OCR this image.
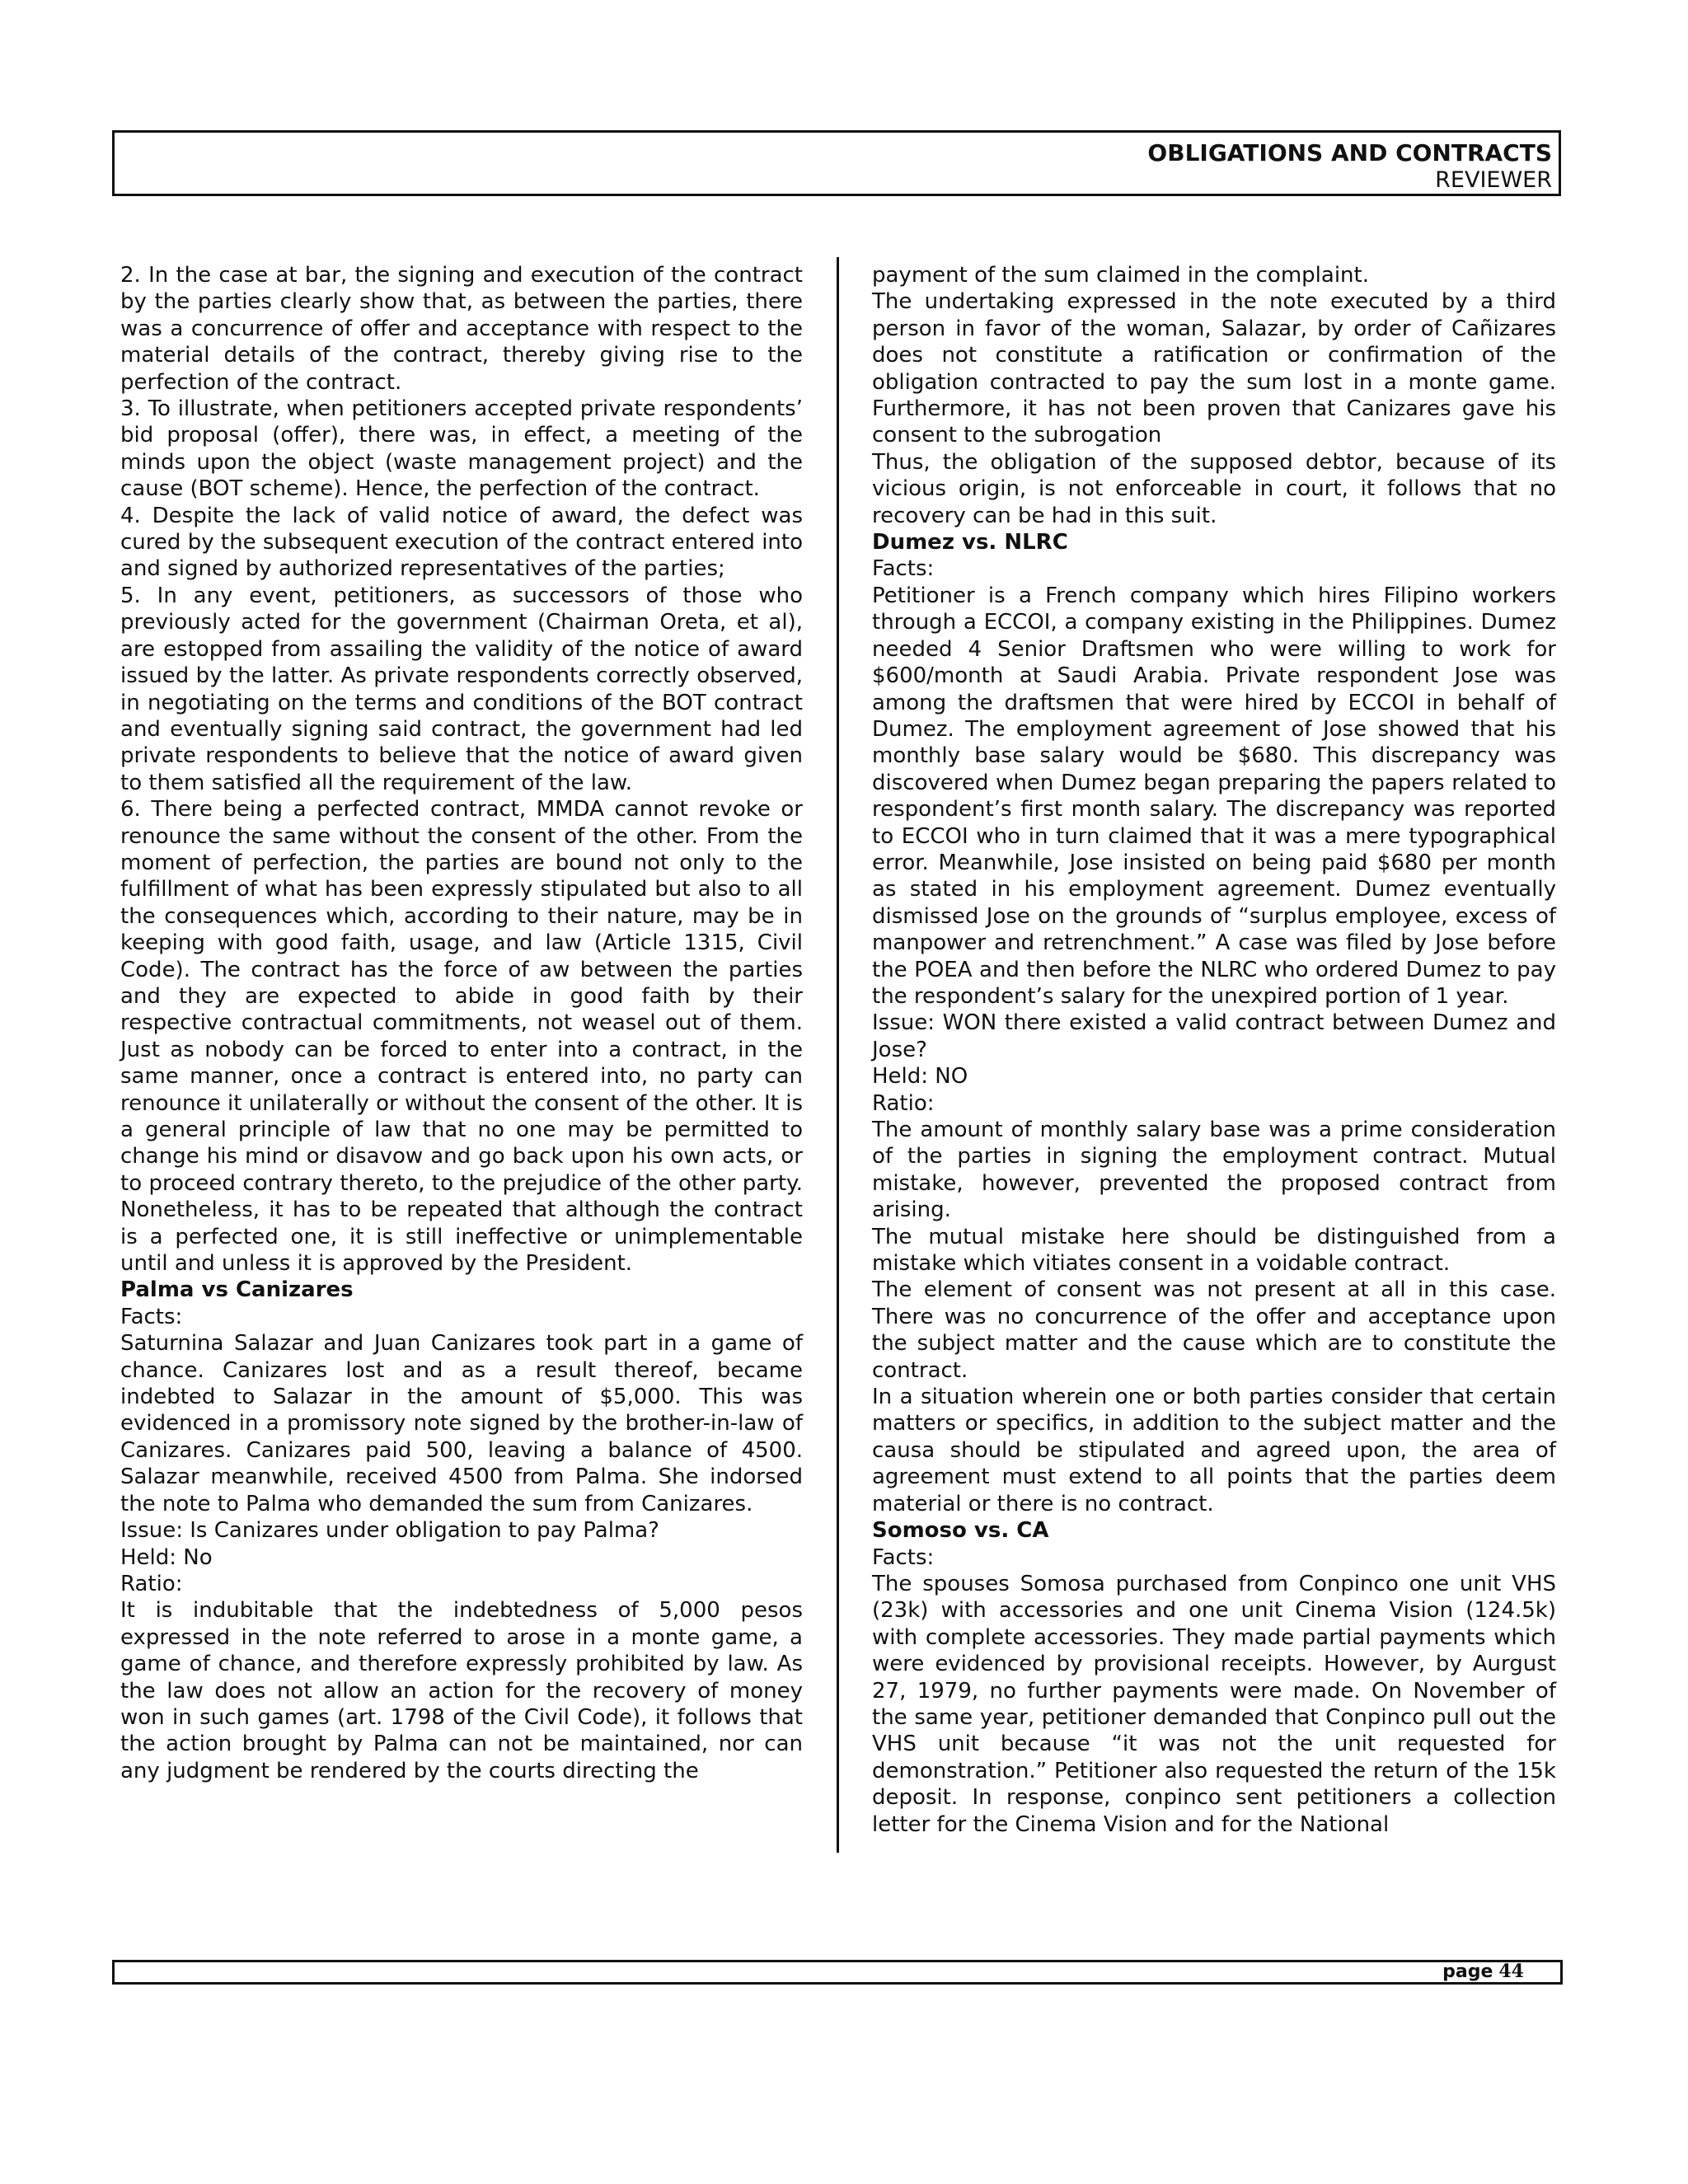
OBLIGATIONS AND CONTRACTS
REVIEWER

2. In the case at bar, the signing and execution of the contract by the parties clearly show that, as between the parties, there was a concurrence of offer and acceptance with respect to the material details of the contract, thereby giving rise to the perfection of the contract.

3. To illustrate, when petitioners accepted private respondents’ bid proposal (offer), there was, in effect, a meeting of the minds upon the object (waste management project) and the cause (BOT scheme). Hence, the perfection of the contract.

4. Despite the lack of valid notice of award, the defect was cured by the subsequent execution of the contract entered into and signed by authorized representatives of the parties;

5. In any event, petitioners, as successors of those who previously acted for the government (Chairman Oreta, et al), are estopped from assailing the validity of the notice of award issued by the latter. As private respondents correctly observed, in negotiating on the terms and conditions of the BOT contract and eventually signing said contract, the government had led private respondents to believe that the notice of award given to them satisfied all the requirement of the law.

6. There being a perfected contract, MMDA cannot revoke or renounce the same without the consent of the other. From the moment of perfection, the parties are bound not only to the fulfillment of what has been expressly stipulated but also to all the consequences which, according to their nature, may be in keeping with good faith, usage, and law (Article 1315, Civil Code). The contract has the force of aw between the parties and they are expected to abide in good faith by their respective contractual commitments, not weasel out of them. Just as nobody can be forced to enter into a contract, in the same manner, once a contract is entered into, no party can renounce it unilaterally or without the consent of the other. It is a general principle of law that no one may be permitted to change his mind or disavow and go back upon his own acts, or to proceed contrary thereto, to the prejudice of the other party. Nonetheless, it has to be repeated that although the contract is a perfected one, it is still ineffective or unimplementable until and unless it is approved by the President.

Palma vs Canizares

Facts:

Saturnina Salazar and Juan Canizares took part in a game of chance. Canizares lost and as a result thereof, became indebted to Salazar in the amount of $5,000. This was evidenced in a promissory note signed by the brother-in-law of Canizares. Canizares paid 500, leaving a balance of 4500. Salazar meanwhile, received 4500 from Palma. She indorsed the note to Palma who demanded the sum from Canizares.

Issue: Is Canizares under obligation to pay Palma?

Held: No

Ratio:

It is indubitable that the indebtedness of 5,000 pesos expressed in the note referred to arose in a monte game, a game of chance, and therefore expressly prohibited by law. As the law does not allow an action for the recovery of money won in such games (art. 1798 of the Civil Code), it follows that the action brought by Palma can not be maintained, nor can any judgment be rendered by the courts directing the

payment of the sum claimed in the complaint.

The undertaking expressed in the note executed by a third person in favor of the woman, Salazar, by order of Cañizares does not constitute a ratification or confirmation of the obligation contracted to pay the sum lost in a monte game. Furthermore, it has not been proven that Canizares gave his consent to the subrogation

Thus, the obligation of the supposed debtor, because of its vicious origin, is not enforceable in court, it follows that no recovery can be had in this suit.

Dumez vs. NLRC

Facts:

Petitioner is a French company which hires Filipino workers through a ECCOI, a company existing in the Philippines. Dumez needed 4 Senior Draftsmen who were willing to work for $600/month at Saudi Arabia. Private respondent Jose was among the draftsmen that were hired by ECCOI in behalf of Dumez. The employment agreement of Jose showed that his monthly base salary would be $680. This discrepancy was discovered when Dumez began preparing the papers related to respondent’s first month salary. The discrepancy was reported to ECCOI who in turn claimed that it was a mere typographical error. Meanwhile, Jose insisted on being paid $680 per month as stated in his employment agreement. Dumez eventually dismissed Jose on the grounds of “surplus employee, excess of manpower and retrenchment.” A case was filed by Jose before the POEA and then before the NLRC who ordered Dumez to pay the respondent’s salary for the unexpired portion of 1 year.

Issue: WON there existed a valid contract between Dumez and Jose?

Held: NO

Ratio:

The amount of monthly salary base was a prime consideration of the parties in signing the employment contract. Mutual mistake, however, prevented the proposed contract from arising.

The mutual mistake here should be distinguished from a mistake which vitiates consent in a voidable contract.

The element of consent was not present at all in this case. There was no concurrence of the offer and acceptance upon the subject matter and the cause which are to constitute the contract.

In a situation wherein one or both parties consider that certain matters or specifics, in addition to the subject matter and the causa should be stipulated and agreed upon, the area of agreement must extend to all points that the parties deem material or there is no contract.

Somoso vs. CA

Facts:

The spouses Somosa purchased from Conpinco one unit VHS (23k) with accessories and one unit Cinema Vision (124.5k) with complete accessories. They made partial payments which were evidenced by provisional receipts. However, by Aurgust 27, 1979, no further payments were made. On November of the same year, petitioner demanded that Conpinco pull out the VHS unit because “it was not the unit requested for demonstration.” Petitioner also requested the return of the 15k deposit. In response, conpinco sent petitioners a collection letter for the Cinema Vision and for the National

page 44
